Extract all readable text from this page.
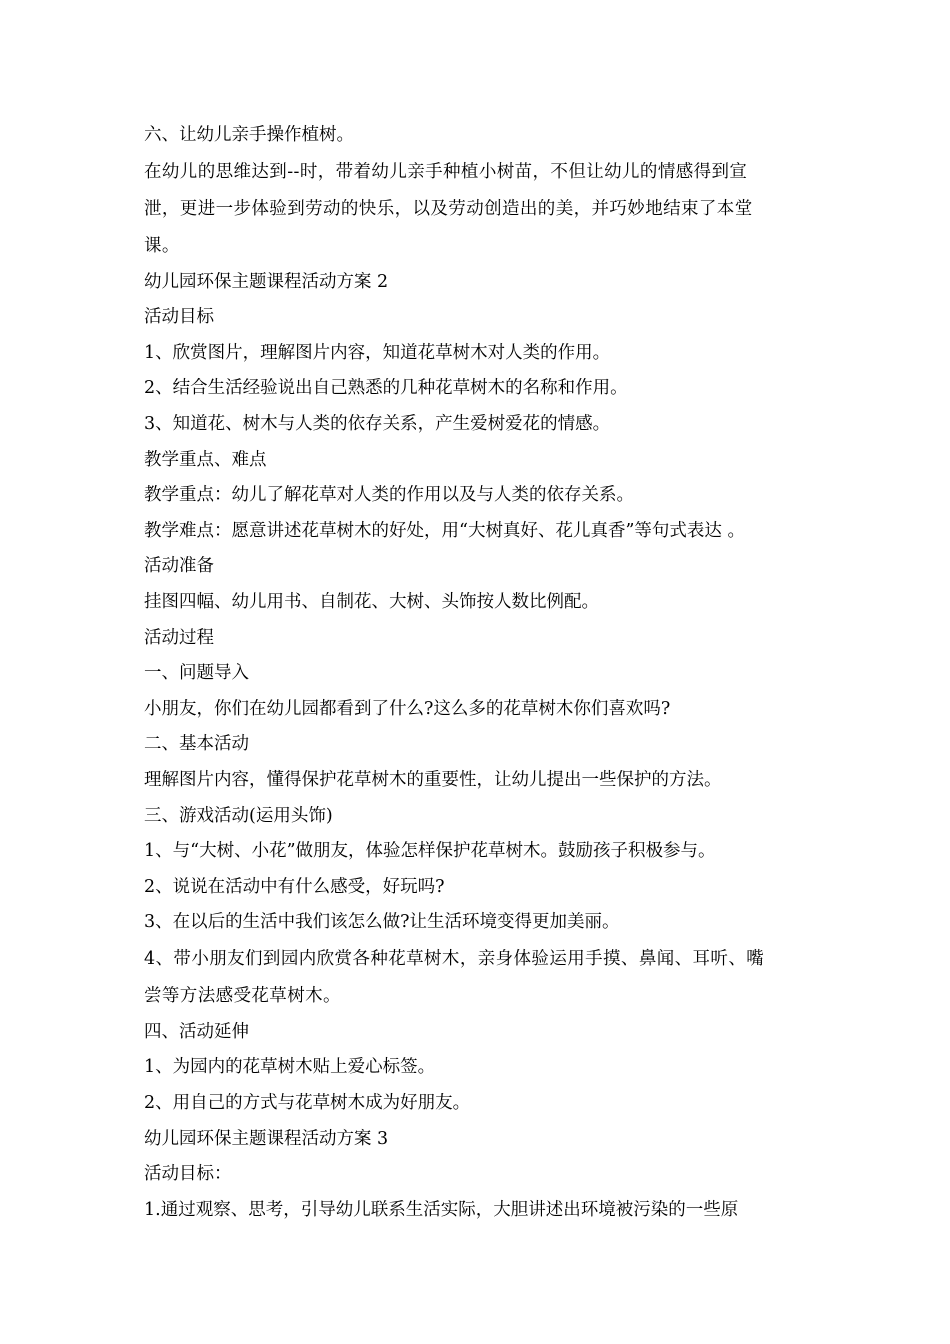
六、让幼儿亲手操作植树。
在幼儿的思维达到--时，带着幼儿亲手种植小树苗，不但让幼儿的情感得到宣
泄，更进一步体验到劳动的快乐，以及劳动创造出的美，并巧妙地结束了本堂
课。
幼儿园环保主题课程活动方案 2
活动目标
1、欣赏图片，理解图片内容，知道花草树木对人类的作用。
2、结合生活经验说出自己熟悉的几种花草树木的名称和作用。
3、知道花、树木与人类的依存关系，产生爱树爱花的情感。
教学重点、难点
教学重点：幼儿了解花草对人类的作用以及与人类的依存关系。
教学难点：愿意讲述花草树木的好处，用“大树真好、花儿真香”等句式表达 。
活动准备
挂图四幅、幼儿用书、自制花、大树、头饰按人数比例配。
活动过程
一、问题导入
小朋友，你们在幼儿园都看到了什么?这么多的花草树木你们喜欢吗?
二、基本活动
理解图片内容，懂得保护花草树木的重要性，让幼儿提出一些保护的方法。
三、游戏活动(运用头饰)
1、与“大树、小花”做朋友，体验怎样保护花草树木。鼓励孩子积极参与。
2、说说在活动中有什么感受，好玩吗?
3、在以后的生活中我们该怎么做?让生活环境变得更加美丽。
4、带小朋友们到园内欣赏各种花草树木，亲身体验运用手摸、鼻闻、耳听、嘴
尝等方法感受花草树木。
四、活动延伸
1、为园内的花草树木贴上爱心标签。
2、用自己的方式与花草树木成为好朋友。
幼儿园环保主题课程活动方案 3
活动目标：
1.通过观察、思考，引导幼儿联系生活实际，大胆讲述出环境被污染的一些原
